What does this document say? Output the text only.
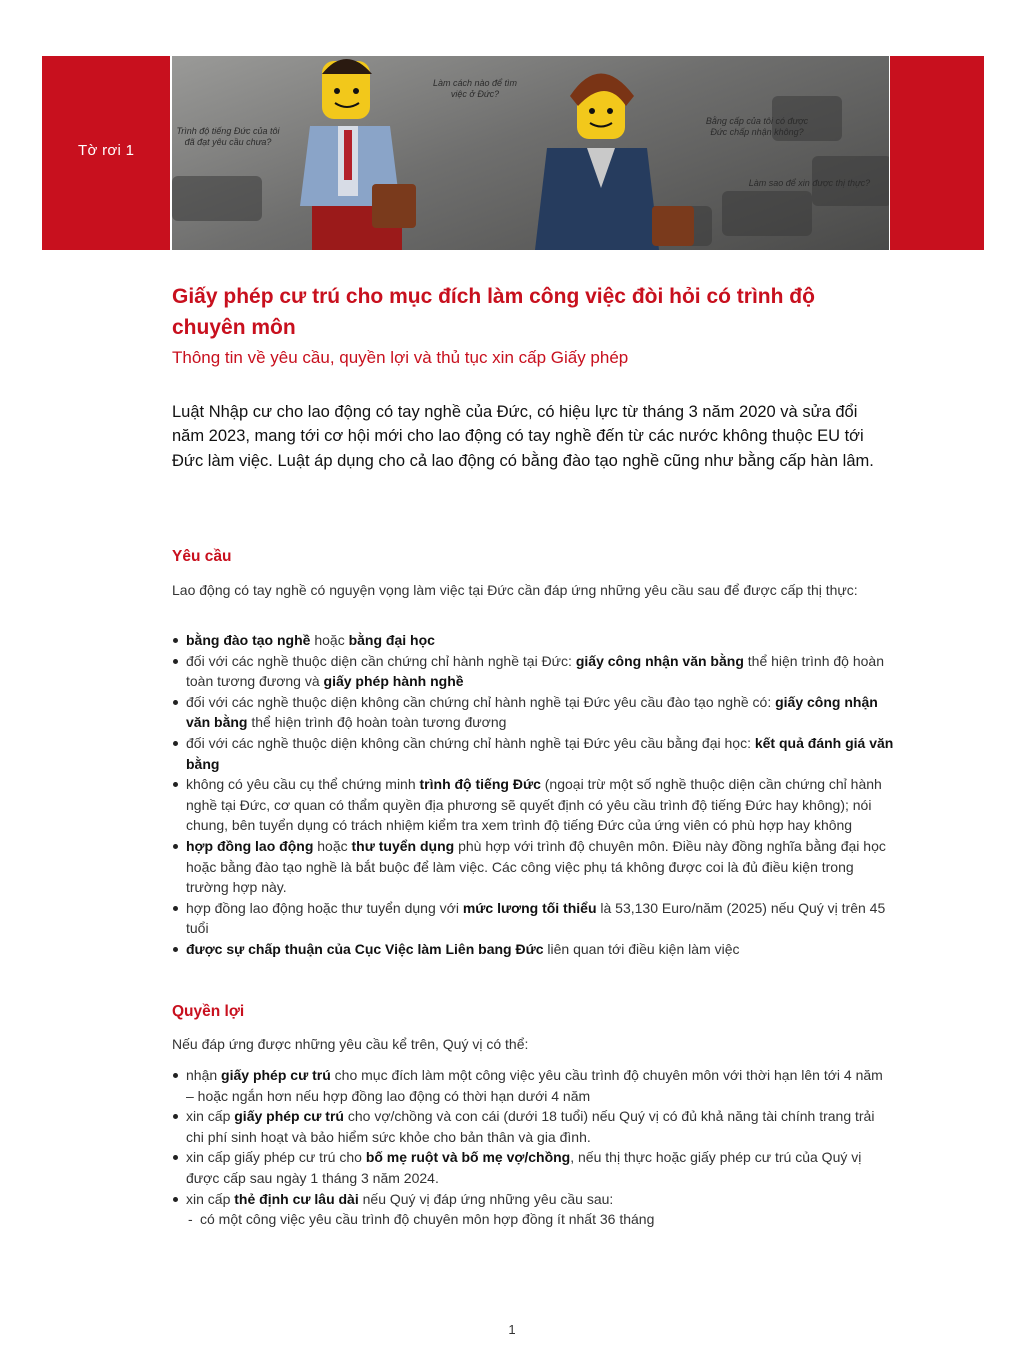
Tờ rơi 1
Trình độ tiếng Đức của tôi đã đạt yêu cầu chưa?
Làm cách nào để tìm việc ở Đức?
Bằng cấp của tôi có được Đức chấp nhận không?
Làm sao để xin được thị thực?
Giấy phép cư trú cho mục đích làm công việc đòi hỏi có trình độ chuyên môn

Thông tin về yêu cầu, quyền lợi và thủ tục xin cấp Giấy phép

Luật Nhập cư cho lao động có tay nghề của Đức, có hiệu lực từ tháng 3 năm 2020 và sửa đổi năm 2023, mang tới cơ hội mới cho lao động có tay nghề đến từ các nước không thuộc EU tới Đức làm việc. Luật áp dụng cho cả lao động có bằng đào tạo nghề cũng như bằng cấp hàn lâm.

Yêu cầu

Lao động có tay nghề có nguyện vọng làm việc tại Đức cần đáp ứng những yêu cầu sau để được cấp thị thực:

bằng đào tạo nghề hoặc bằng đại học
đối với các nghề thuộc diện cần chứng chỉ hành nghề tại Đức: giấy công nhận văn bằng thể hiện trình độ hoàn toàn tương đương và giấy phép hành nghề
đối với các nghề thuộc diện không cần chứng chỉ hành nghề tại Đức yêu cầu đào tạo nghề có: giấy công nhận văn bằng thể hiện trình độ hoàn toàn tương đương
đối với các nghề thuộc diện không cần chứng chỉ hành nghề tại Đức yêu cầu bằng đại học: kết quả đánh giá văn bằng
không có yêu cầu cụ thể chứng minh trình độ tiếng Đức (ngoại trừ một số nghề thuộc diện cần chứng chỉ hành nghề tại Đức, cơ quan có thẩm quyền địa phương sẽ quyết định có yêu cầu trình độ tiếng Đức hay không); nói chung, bên tuyển dụng có trách nhiệm kiểm tra xem trình độ tiếng Đức của ứng viên có phù hợp hay không
hợp đồng lao động hoặc thư tuyển dụng phù hợp với trình độ chuyên môn. Điều này đồng nghĩa bằng đại học hoặc bằng đào tạo nghề là bắt buộc để làm việc. Các công việc phụ tá không được coi là đủ điều kiện trong trường hợp này.
hợp đồng lao động hoặc thư tuyển dụng với mức lương tối thiểu là 53,130 Euro/năm (2025) nếu Quý vị trên 45 tuổi
được sự chấp thuận của Cục Việc làm Liên bang Đức liên quan tới điều kiện làm việc
Quyền lợi

Nếu đáp ứng được những yêu cầu kể trên, Quý vị có thể:

nhận giấy phép cư trú cho mục đích làm một công việc yêu cầu trình độ chuyên môn với thời hạn lên tới 4 năm – hoặc ngắn hơn nếu hợp đồng lao động có thời hạn dưới 4 năm
xin cấp giấy phép cư trú cho vợ/chồng và con cái (dưới 18 tuổi) nếu Quý vị có đủ khả năng tài chính trang trải chi phí sinh hoạt và bảo hiểm sức khỏe cho bản thân và gia đình.
xin cấp giấy phép cư trú cho bố mẹ ruột và bố mẹ vợ/chồng, nếu thị thực hoặc giấy phép cư trú của Quý vị được cấp sau ngày 1 tháng 3 năm 2024.
xin cấp thẻ định cư lâu dài nếu Quý vị đáp ứng những yêu cầu sau:
- có một công việc yêu cầu trình độ chuyên môn hợp đồng ít nhất 36 tháng
1
